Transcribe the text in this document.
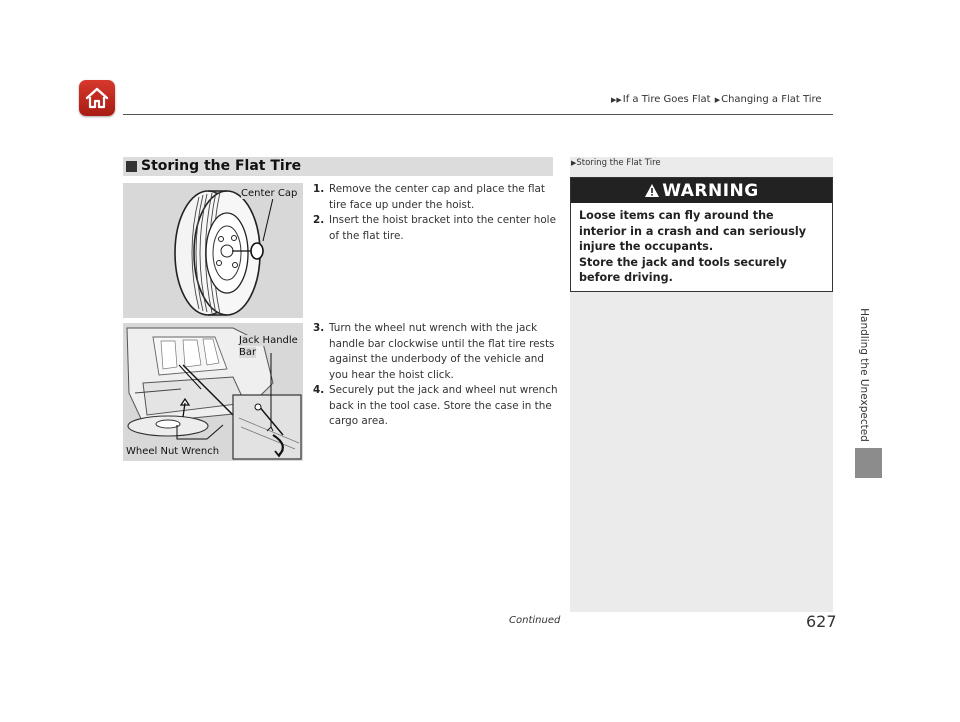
▶▶If a Tire Goes Flat ▶Changing a Flat Tire
Handling the Unexpected
Storing the Flat Tire
Center Cap
Jack Handle
Bar
Wheel Nut Wrench
1. Remove the center cap and place the flat tire face up under the hoist.
2. Insert the hoist bracket into the center hole of the flat tire.
3. Turn the wheel nut wrench with the jack handle bar clockwise until the flat tire rests against the underbody of the vehicle and you hear the hoist click.
4. Securely put the jack and wheel nut wrench back in the tool case. Store the case in the cargo area.
▶Storing the Flat Tire
WARNING
Loose items can fly around the interior in a crash and can seriously injure the occupants.
Store the jack and tools securely before driving.
Continued	627
